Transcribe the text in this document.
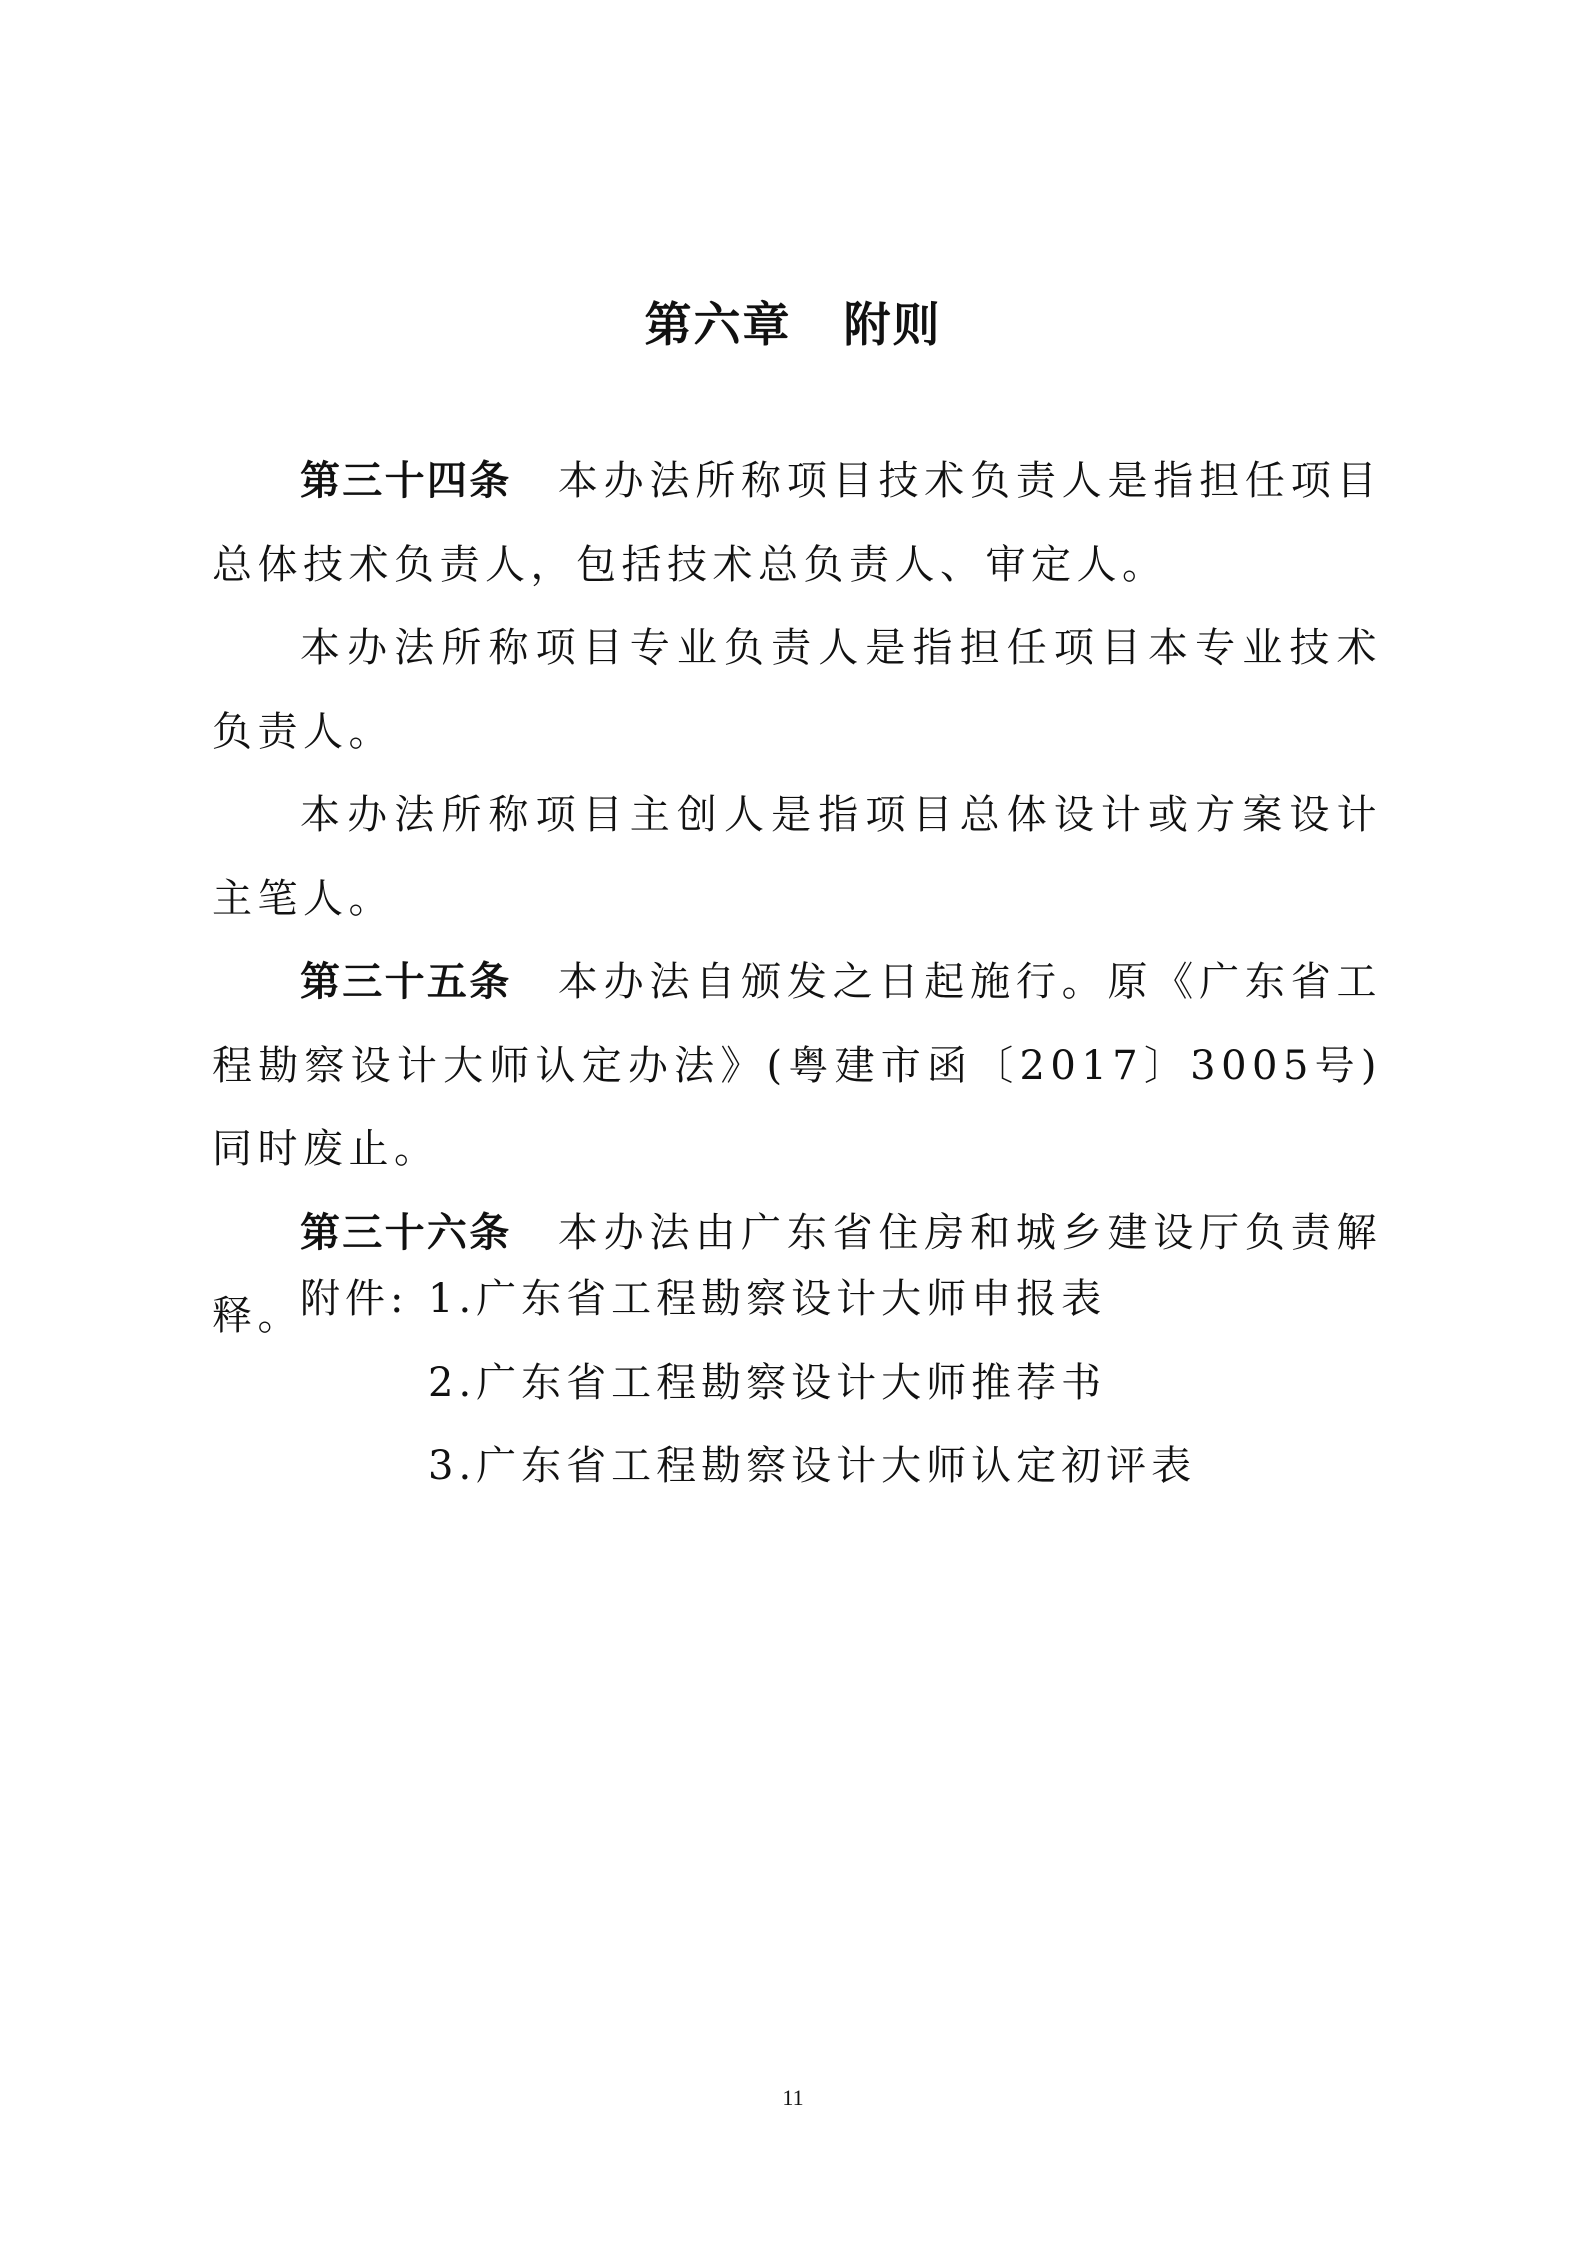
第六章 附则

第三十四条 本办法所称项目技术负责人是指担任项目总体技术负责人，包括技术总负责人、审定人。

本办法所称项目专业负责人是指担任项目本专业技术负责人。

本办法所称项目主创人是指项目总体设计或方案设计主笔人。

第三十五条 本办法自颁发之日起施行。原《广东省工程勘察设计大师认定办法》(粤建市函〔2017〕3005号)同时废止。

第三十六条 本办法由广东省住房和城乡建设厅负责解释。

附件: 1.广东省工程勘察设计大师申报表
2.广东省工程勘察设计大师推荐书
3.广东省工程勘察设计大师认定初评表
11
